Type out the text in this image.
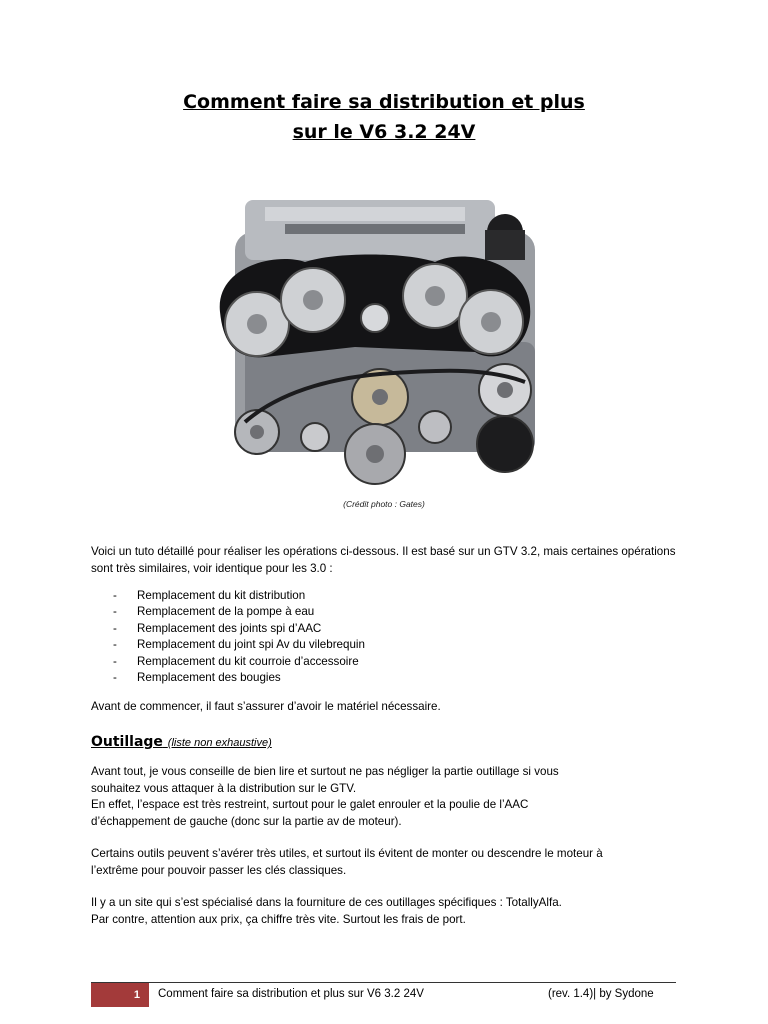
Comment faire sa distribution et plus
sur le V6 3.2 24V
(Crédit photo : Gates)

Voici un tuto détaillé pour réaliser les opérations ci-dessous. Il est basé sur un GTV 3.2, mais certaines opérations sont très similaires, voir identique pour les 3.0 :

- Remplacement du kit distribution
- Remplacement de la pompe à eau
- Remplacement des joints spi d’AAC
- Remplacement du joint spi Av du vilebrequin
- Remplacement du kit courroie d’accessoire
- Remplacement des bougies

Avant de commencer, il faut s’assurer d’avoir le matériel nécessaire.

Outillage (liste non exhaustive)

Avant tout, je vous conseille de bien lire et surtout ne pas négliger la partie outillage si vous

souhaitez vous attaquer à la distribution sur le GTV.

En effet, l’espace est très restreint, surtout pour le galet enrouler et la poulie de l’AAC

d’échappement de gauche (donc sur la partie av de moteur).

Certains outils peuvent s’avérer très utiles, et surtout ils évitent de monter ou descendre le moteur à

l’extrême pour pouvoir passer les clés classiques.

Il y a un site qui s’est spécialisé dans la fourniture de ces outillages spécifiques : TotallyAlfa.

Par contre, attention aux prix, ça chiffre très vite. Surtout les frais de port.

1	Comment faire sa distribution et plus sur V6 3.2 24V	(rev. 1.4)| by Sydone
